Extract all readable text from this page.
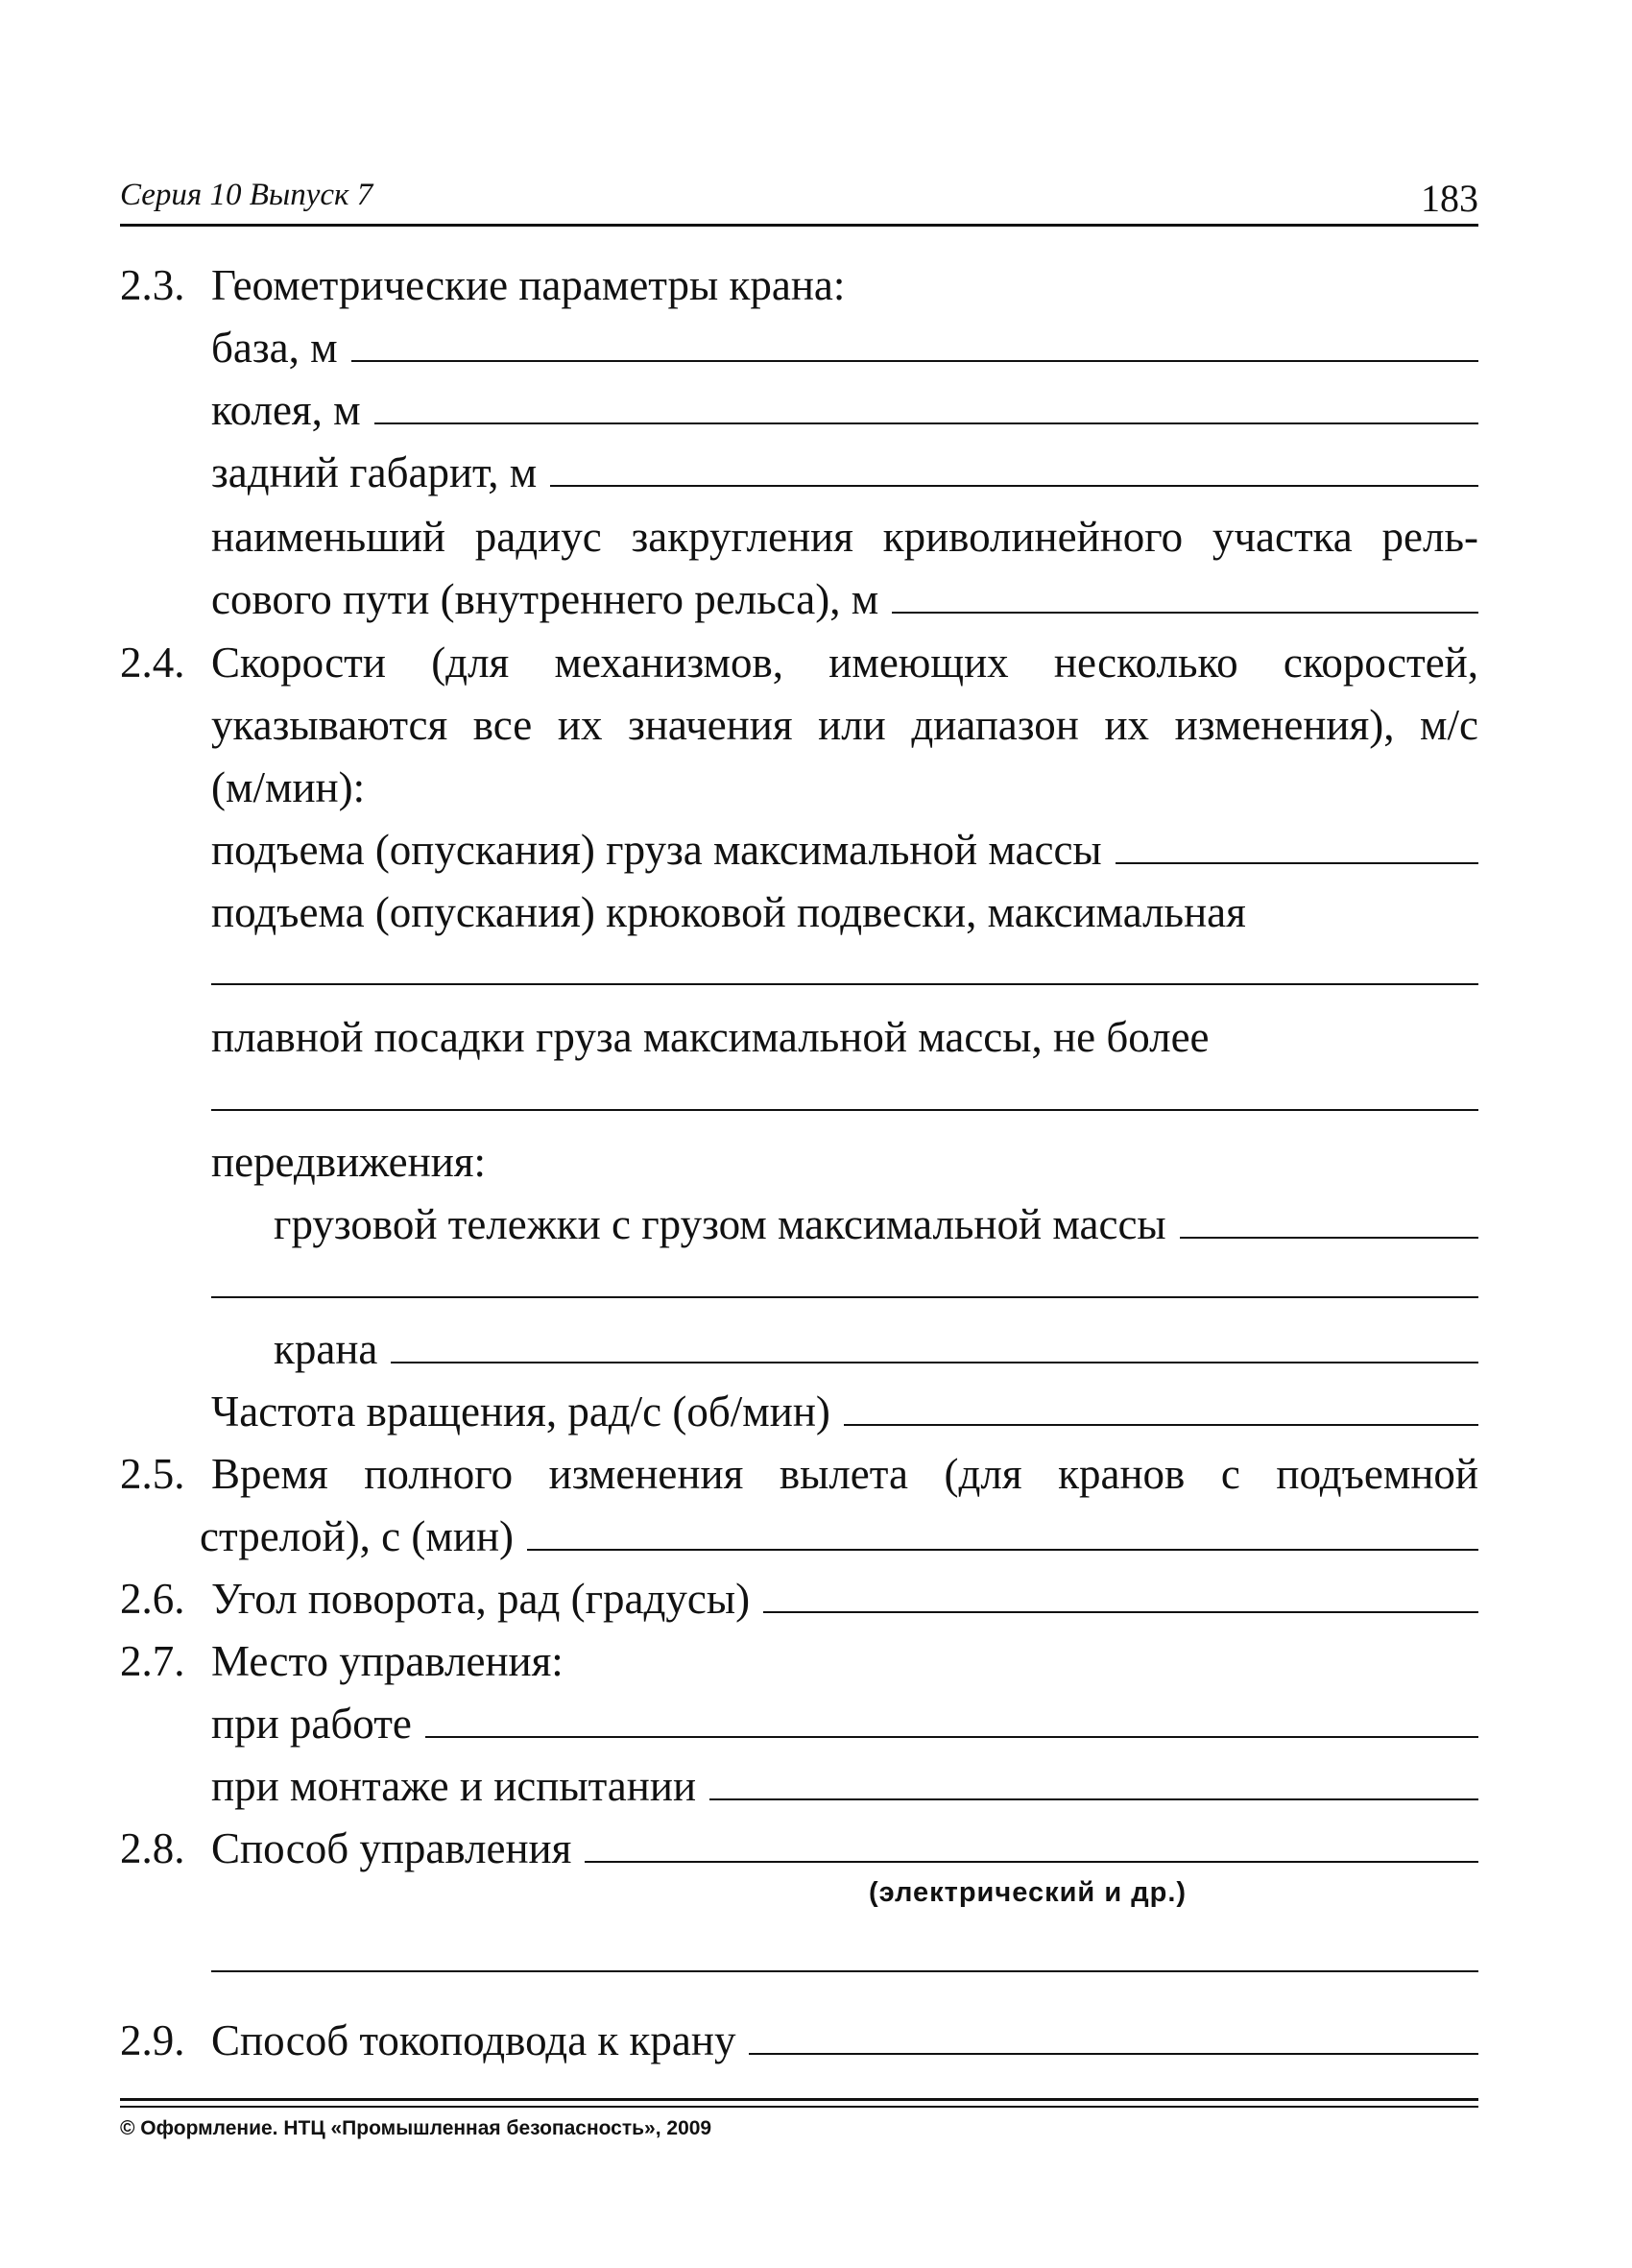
Серия 10 Выпуск 7	183
2.3. Геометрические параметры крана:
база, м
колея, м
задний габарит, м
наименьший радиус закругления криволинейного участка рель-
сового пути (внутреннего рельса), м
2.4. Скорости (для механизмов, имеющих несколько скоростей,
указываются все их значения или диапазон их изменения), м/с
(м/мин):
подъема (опускания) груза максимальной массы
подъема (опускания) крюковой подвески, максимальная
плавной посадки груза максимальной массы, не более
передвижения:
грузовой тележки с грузом максимальной массы
крана
Частота вращения, рад/с (об/мин)
2.5. Время полного изменения вылета (для кранов с подъемной
стрелой), с (мин)
2.6. Угол поворота, рад (градусы)
2.7. Место управления:
при работе
при монтаже и испытании
2.8. Способ управления
(электрический и др.)
2.9. Способ токоподвода к крану
© Оформление. НТЦ «Промышленная безопасность», 2009
